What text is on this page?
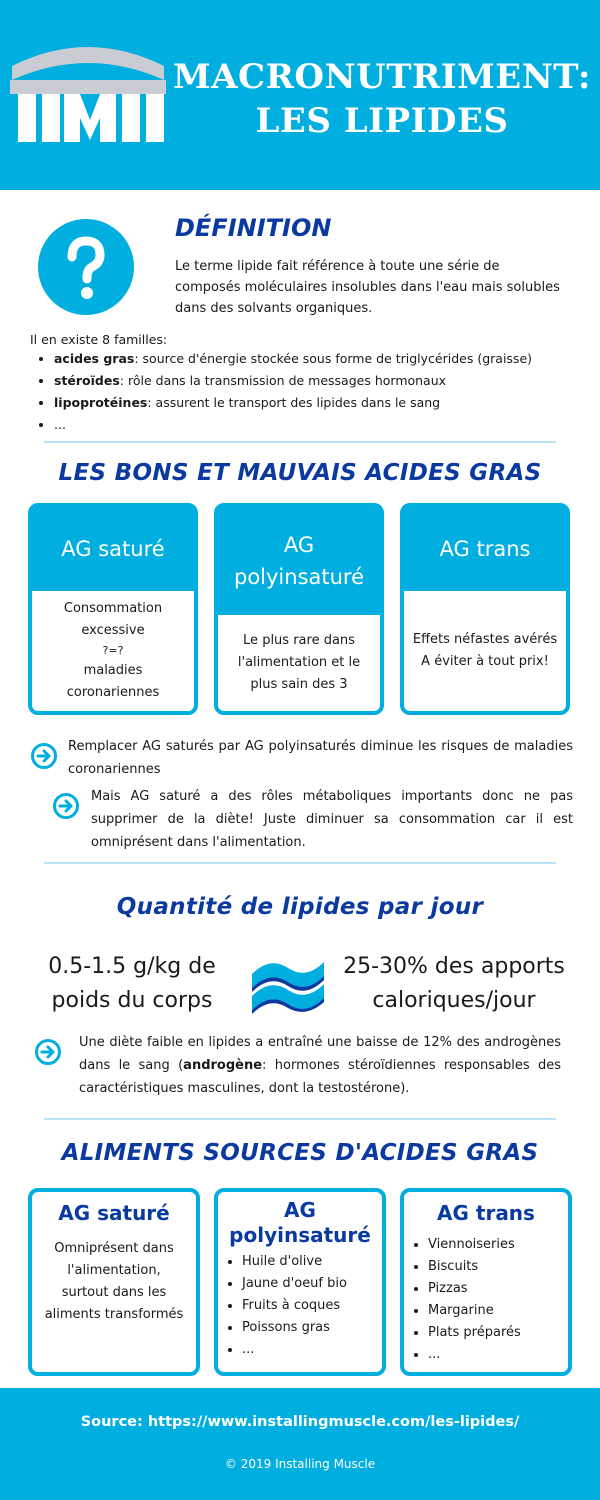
MACRONUTRIMENT:
LES LIPIDES
DÉFINITION
Le terme lipide fait référence à toute une série de composés moléculaires insolubles dans l'eau mais solubles dans des solvants organiques.
Il en existe 8 familles:
• acides gras: source d'énergie stockée sous forme de triglycérides (graisse)
• stéroïdes: rôle dans la transmission de messages hormonaux
• lipoprotéines: assurent le transport des lipides dans le sang
• ...
LES BONS ET MAUVAIS ACIDES GRAS
AG saturé
Consommation
excessive
?=?
maladies
coronariennes
AG polyinsaturé
Le plus rare dans
l'alimentation et le
plus sain des 3
AG trans
Effets néfastes avérés
A éviter à tout prix!
Remplacer AG saturés par AG polyinsaturés diminue les risques de maladies coronariennes
Mais AG saturé a des rôles métaboliques importants donc ne pas supprimer de la diète! Juste diminuer sa consommation car il est omniprésent dans l'alimentation.
Quantité de lipides par jour
0.5-1.5 g/kg de
poids du corps
25-30% des apports
caloriques/jour
Une diète faible en lipides a entraîné une baisse de 12% des androgènes dans le sang (androgène: hormones stéroïdiennes responsables des caractéristiques masculines, dont la testostérone).
ALIMENTS SOURCES D'ACIDES GRAS
AG saturé
Omniprésent dans l'alimentation, surtout dans les aliments transformés
AG
polyinsaturé
• Huile d'olive
• Jaune d'oeuf bio
• Fruits à coques
• Poissons gras
• ...
AG trans
• Viennoiseries
• Biscuits
• Pizzas
• Margarine
• Plats préparés
• ...
Source: https://www.installingmuscle.com/les-lipides/
© 2019 Installing Muscle
